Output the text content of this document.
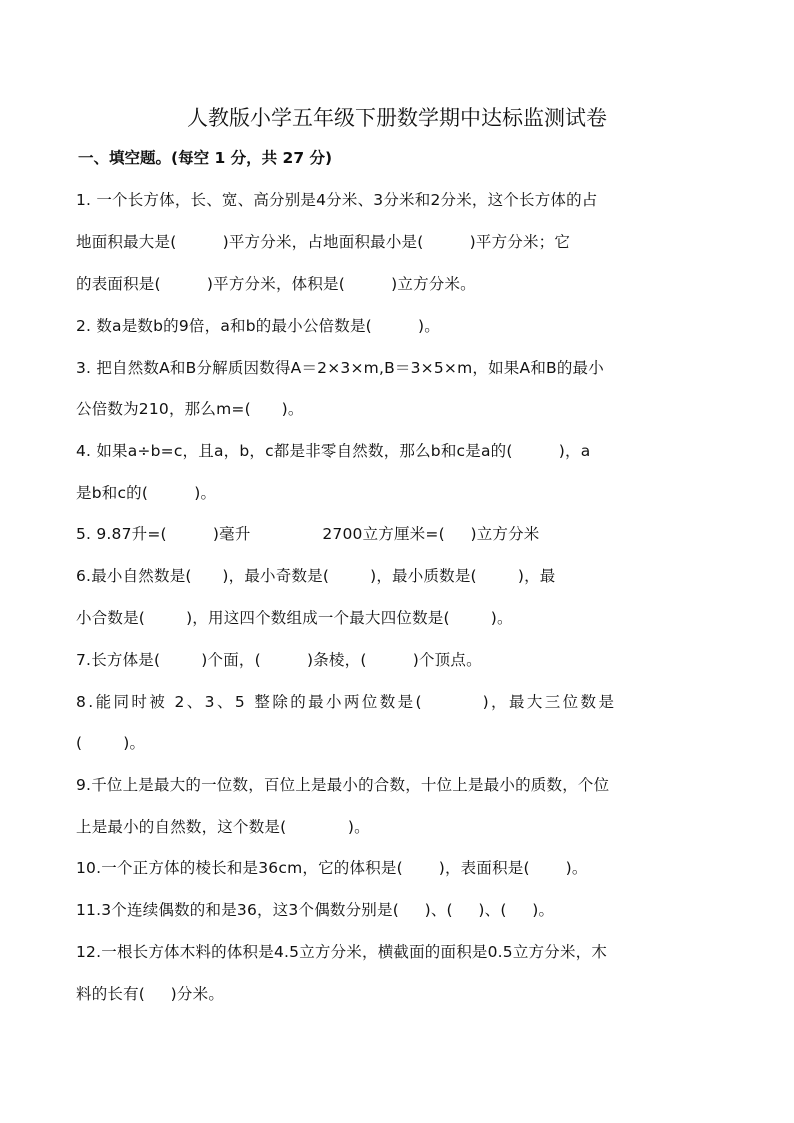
人教版小学五年级下册数学期中达标监测试卷
一、填空题。(每空 1 分，共 27 分)
1. 一个长方体，长、宽、高分别是4分米、3分米和2分米，这个长方体的占
地面积最大是(         )平方分米，占地面积最小是(         )平方分米；它
的表面积是(         )平方分米，体积是(         )立方分米。
2. 数a是数b的9倍，a和b的最小公倍数是(         )。
3. 把自然数A和B分解质因数得A＝2×3×m,B＝3×5×m，如果A和B的最小
公倍数为210，那么m=(      )。
4. 如果a÷b=c，且a，b，c都是非零自然数，那么b和c是a的(         )，a
是b和c的(         )。
5. 9.87升=(         )毫升              2700立方厘米=(     )立方分米
6.最小自然数是(      )，最小奇数是(        )，最小质数是(        )，最
小合数是(        )，用这四个数组成一个最大四位数是(        )。
7.长方体是(        )个面，(         )条棱，(         )个顶点。
8.能同时被 2、3、5 整除的最小两位数是(        )，最大三位数是
(        )。
9.千位上是最大的一位数，百位上是最小的合数，十位上是最小的质数，个位
上是最小的自然数，这个数是(            )。
10.一个正方体的棱长和是36cm，它的体积是(       )，表面积是(       )。
11.3个连续偶数的和是36，这3个偶数分别是(     )、(     )、(     )。
12.一根长方体木料的体积是4.5立方分米，横截面的面积是0.5立方分米，木
料的长有(     )分米。
